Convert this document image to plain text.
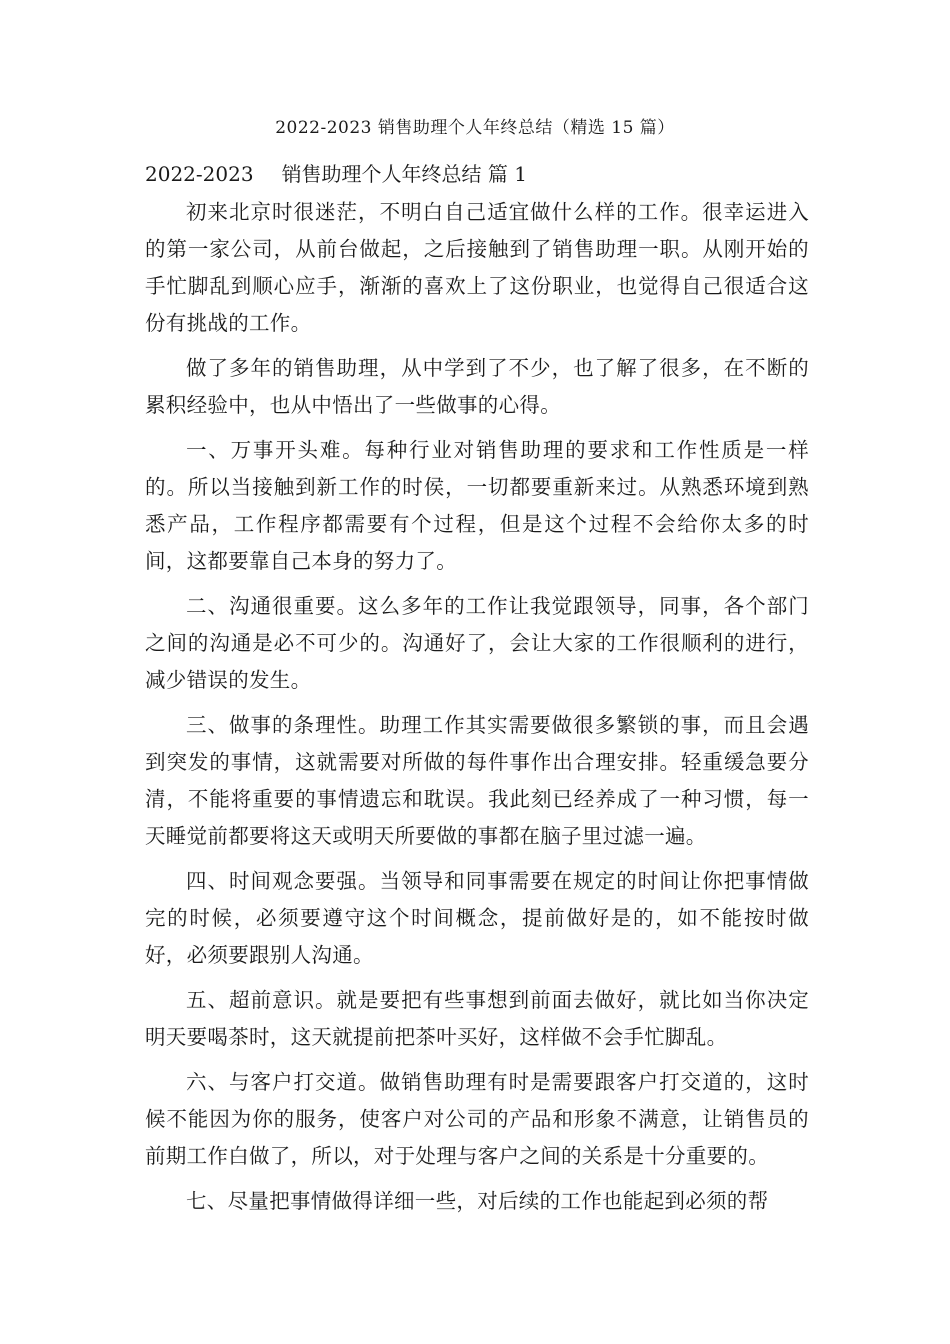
2022-2023 销售助理个人年终总结（精选 15 篇）
2022-2023 销售助理个人年终总结 篇 1

初来北京时很迷茫，不明白自己适宜做什么样的工作。很幸运进入的第一家公司，从前台做起，之后接触到了销售助理一职。从刚开始的手忙脚乱到顺心应手，渐渐的喜欢上了这份职业，也觉得自己很适合这份有挑战的工作。

做了多年的销售助理，从中学到了不少，也了解了很多，在不断的累积经验中，也从中悟出了一些做事的心得。

一、万事开头难。每种行业对销售助理的要求和工作性质是一样的。所以当接触到新工作的时侯，一切都要重新来过。从熟悉环境到熟悉产品，工作程序都需要有个过程，但是这个过程不会给你太多的时间，这都要靠自己本身的努力了。

二、沟通很重要。这么多年的工作让我觉跟领导，同事，各个部门之间的沟通是必不可少的。沟通好了，会让大家的工作很顺利的进行，减少错误的发生。

三、做事的条理性。助理工作其实需要做很多繁锁的事，而且会遇到突发的事情，这就需要对所做的每件事作出合理安排。轻重缓急要分清，不能将重要的事情遗忘和耽误。我此刻已经养成了一种习惯，每一天睡觉前都要将这天或明天所要做的事都在脑子里过滤一遍。

四、时间观念要强。当领导和同事需要在规定的时间让你把事情做完的时候，必须要遵守这个时间概念，提前做好是的，如不能按时做好，必须要跟别人沟通。

五、超前意识。就是要把有些事想到前面去做好，就比如当你决定明天要喝茶时，这天就提前把茶叶买好，这样做不会手忙脚乱。

六、与客户打交道。做销售助理有时是需要跟客户打交道的，这时候不能因为你的服务，使客户对公司的产品和形象不满意，让销售员的前期工作白做了，所以，对于处理与客户之间的关系是十分重要的。

七、尽量把事情做得详细一些，对后续的工作也能起到必须的帮
